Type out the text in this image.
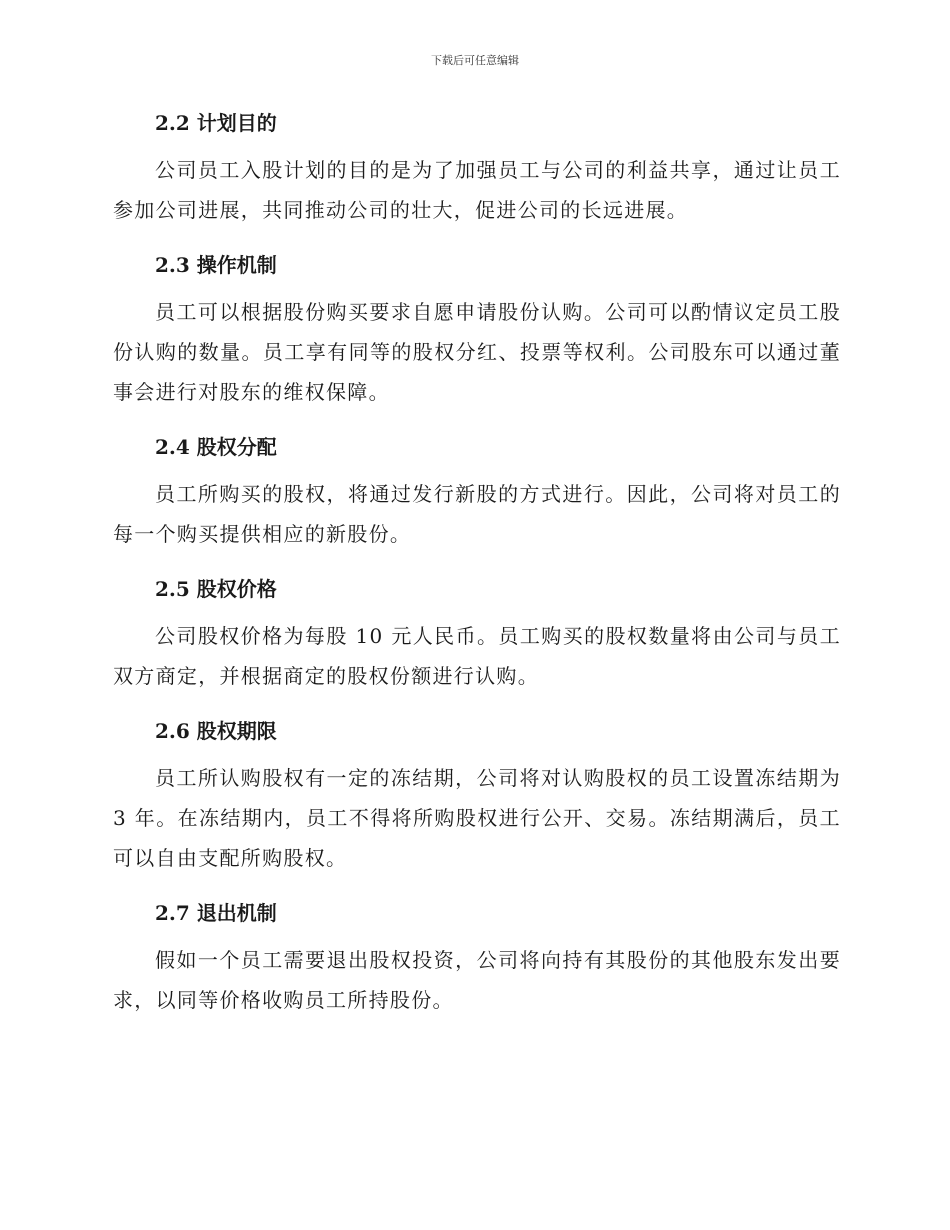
下载后可任意编辑
2.2 计划目的

公司员工入股计划的目的是为了加强员工与公司的利益共享，通过让员工参加公司进展，共同推动公司的壮大，促进公司的长远进展。

2.3 操作机制

员工可以根据股份购买要求自愿申请股份认购。公司可以酌情议定员工股份认购的数量。员工享有同等的股权分红、投票等权利。公司股东可以通过董事会进行对股东的维权保障。

2.4 股权分配

员工所购买的股权，将通过发行新股的方式进行。因此，公司将对员工的每一个购买提供相应的新股份。

2.5 股权价格

公司股权价格为每股 10 元人民币。员工购买的股权数量将由公司与员工双方商定，并根据商定的股权份额进行认购。

2.6 股权期限

员工所认购股权有一定的冻结期，公司将对认购股权的员工设置冻结期为 3 年。在冻结期内，员工不得将所购股权进行公开、交易。冻结期满后，员工可以自由支配所购股权。

2.7 退出机制

假如一个员工需要退出股权投资，公司将向持有其股份的其他股东发出要求，以同等价格收购员工所持股份。
